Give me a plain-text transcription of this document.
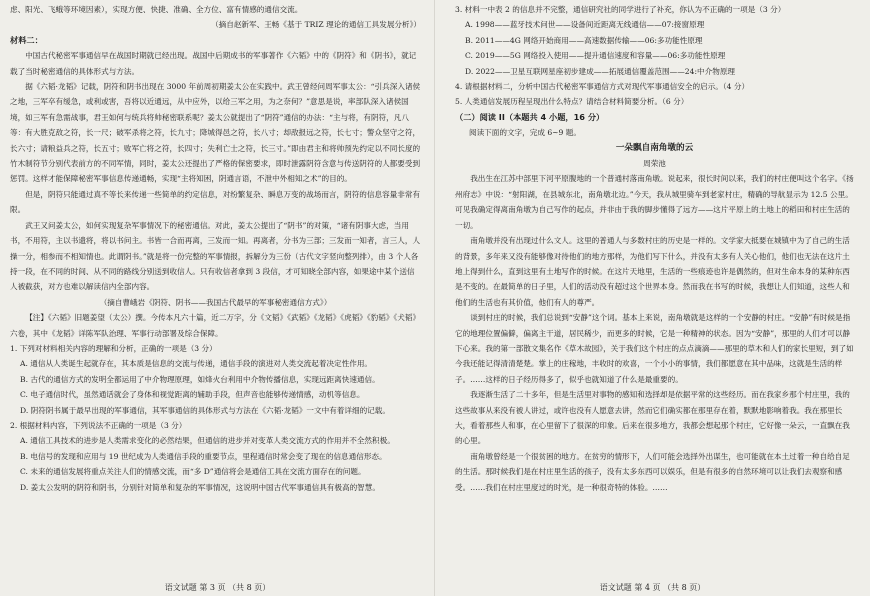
虑、阳光、飞蛾等环境因素），实现方便、快捷、准确、全方位、富有情感的通信交流。

（摘自赵新军、王畅《基于 TRIZ 理论的通信工具发展分析》）

材料二：

中国古代秘密军事通信早在战国时期就已经出现。战国中后期成书的军事著作《六韬》中的《阴符》和《阴书》，就记载了当时秘密通信的具体形式与方法。

据《六韬·龙韬》记载，阴符和阴书出现在 3000 年前周初期姜太公在实践中。武王曾经问周军事太公：“引兵深入诸侯之地，三军卒有缓急，或利或害，吾将以近通远，从中应外，以给三军之用，为之奈何？”意思是说，率部队深入诸侯国境，如三军有急需战事，君王如何与统兵将帅秘密联系呢？姜太公就提出了“阴符”通信的办法：“主与将，有阴符，凡八等：有大胜克敌之符，长一尺；破军杀将之符，长九寸；降城得邑之符，长八寸；却敌报远之符，长七寸；警众坚守之符，长六寸；请粮益兵之符，长五寸；败军亡将之符，长四寸；失利亡士之符，长三寸。”即由君主和将帅预先约定以不同长度的竹木制符节分别代表前方的不同军情，同时，姜太公还提出了严格的保密要求，即时泄露阴符含意与传送阴符的人都要受到惩罚。这样才能保障秘密军事信息传递通畅，实现“主将知困，阴通言语，不泄中外相知之术”的目的。

但是，阴符只能通过真不等长来传递一些简单的约定信息，对纷繁复杂、瞬息万变的战场而言，阴符的信息容量非常有限。

武王又问姜太公，如何实现复杂军事情况下的秘密通信。对此，姜太公提出了“阴书”的对策，“诸有阴事大虑，当用书，不用符，主以书遗将，将以书问主。书皆一合而再离，三发而一知。再离者，分书为三部；三发而一知者，言三人，人操一分，相参而不相知情也。此谓阴书。”就是将一份完整的军事情报，拆解分为三份（古代文字竖向整列排），由 3 个人各持一段，在不同的时间、从不同的路线分别送到收信人。只有收信者拿到 3 段信，才可知晓全部内容，如果途中某个送信人被截获，对方也难以解读信内全部内容。

（摘自曹峨岩《阴符、阴书——我国古代最早的军事秘密通信方式》）

【注】《六韬》旧题姜望（太公）撰。今传本凡六十篇，近二万字，分《文韬》《武韬》《龙韬》《虎韬》《豹韬》《犬韬》六卷，其中《龙韬》详陈军队治理、军事行动部署及综合保障。

1. 下列对材料相关内容的理解和分析，正确的一项是（3 分）

A. 通信从人类诞生起就存在，其本质是信息的交流与传递，通信手段的演进对人类交流起着决定性作用。

B. 古代的通信方式的发明全都运用了中介物理原理，如烽火台利用中介物传播信息，实现远距离快速通信。

C. 电子通信时代，虽然通话就会了身体和视觉距离的辅助手段，但声音也能够传递情感，动机等信息。

D. 阴符阴书属于最早出现的军事通信，其军事通信的具体形式与方法在《六韬·龙韬》一文中有着详细的记载。

2. 根据材料内容，下列说法不正确的一项是（3 分）

A. 通信工具技术的进步是人类需求变化的必然结果，但通信的进步并对变革人类交流方式的作用并不全然积极。

B. 电信号的发现和应用与 19 世纪成为人类通信手段的重要节点，里程通信时常会变了现在的信息通信形态。

C. 未来的通信发展将重点关注人们的情感交流，而“多 D”通信将会是通信工具在交流方面存在的问题。

D. 姜太公发明的阴符和阴书，分别针对简单和复杂的军事情况，这说明中国古代军事通信具有极高的智慧。

语文试题 第 3 页 （共 8 页）

3. 材料一中表 2 的信息并不完整，通信研究社的同学进行了补充，你认为不正确的一项是（3 分）

A. 1998——蓝牙技术问世——设备间近距离无线通信——07:接窗原理

B. 2011——4G 网络开始商用——高速数据传输——06:多功能性原理

C. 2019——5G 网络投入使用——提升通信速度和容量——06:多功能性原理

D. 2022——卫星互联网星座初步建成——拓展通信覆盖范围——24:中介物原理

4. 请根据材料二，分析中国古代秘密军事通信方式对现代军事通信安全的启示。（4 分）

5. 人类通信发展历程呈现出什么特点？请结合材料简要分析。（6 分）

（二）阅读 II（本题共 4 小题，16 分）

阅读下面的文字，完成 6~9 题。

一朵飘自南角墩的云

周荣池

我出生在江苏中部里下河平原腹地的一个普通村落南角墩。说起来，很长时间以来，我们的村庄便叫这个名字。《扬州府志》中说：“射阳湖，在县城东北，南角墩北边。”今天，我从城里骑车到老家村庄，精确的导航显示为 12.5 公里。可见我确定得离南角墩为自己写作的起点，并非由于我的脚步懂得了远方——这片平原上的土地上的稻田和村庄生活的一切。

南角墩并没有出现过什么文人。这里的普通人与多数村庄的历史是一样的。文学家大抵要在城镇中为了自己的生活的背景，多年来又没有能够像对待他们的地方那样，为他们写下什么，并没有太多有人关心他们，他们也无法在这片土地上得到什么，直到这里有土地写作的时候。在这片天地里，生活的一些痕迹也许是偶然的，但对生命本身的某种东西是不变的。在最简单的日子里，人们的活动没有超过这个世界本身。然而我在书写的时候，我想让人们知道，这些人和他们的生活也有其价值，他们有人的尊严。

谈到村庄的时候，我们总说到“安静”这个词。基本上来说，南角墩就是这样的一个安静的村庄。“安静”有时候是指它的地理位置偏僻，偏离主干道，居民稀少，而更多的时候，它是一种精神的状态。因为“安静”，那里的人们才可以静下心来。我的第一部散文集名作《草木故园》，关于我们这个村庄的点点滴滴——那里的草木和人们的家长里短，到了如今我还能记得清清楚楚。掌上的庄稼地，丰收时的欢喜，一个小小的事情，我们都愿意在其中品味，这就是生活的样子。……这样的日子经历得多了，似乎也就知道了什么是最重要的。

我逐渐生活了二十多年，但是生活里对事物的感知和选择却是依据平常的这些经历。而在我家乡那个村庄里，我的这些故事从来没有被人讲过，或许也没有人愿意去讲，然而它们确实都在那里存在着，默默地影响着我。我在那里长大，看着那些人和事，在心里留下了很深的印象。后来在很多地方，我都会想起那个村庄，它好像一朵云，一直飘在我的心里。

南角墩曾经是一个很贫困的地方。在贫穷的情形下，人们可能会选择外出谋生，也可能就在本土过着一种自给自足的生活。那时候我们是在村庄里生活的孩子，没有太多东西可以娱乐，但是有很多的自然环境可以让我们去观察和感受。……我们在村庄里度过的时光，是一种很奇特的体验。……

语文试题 第 4 页 （共 8 页）
